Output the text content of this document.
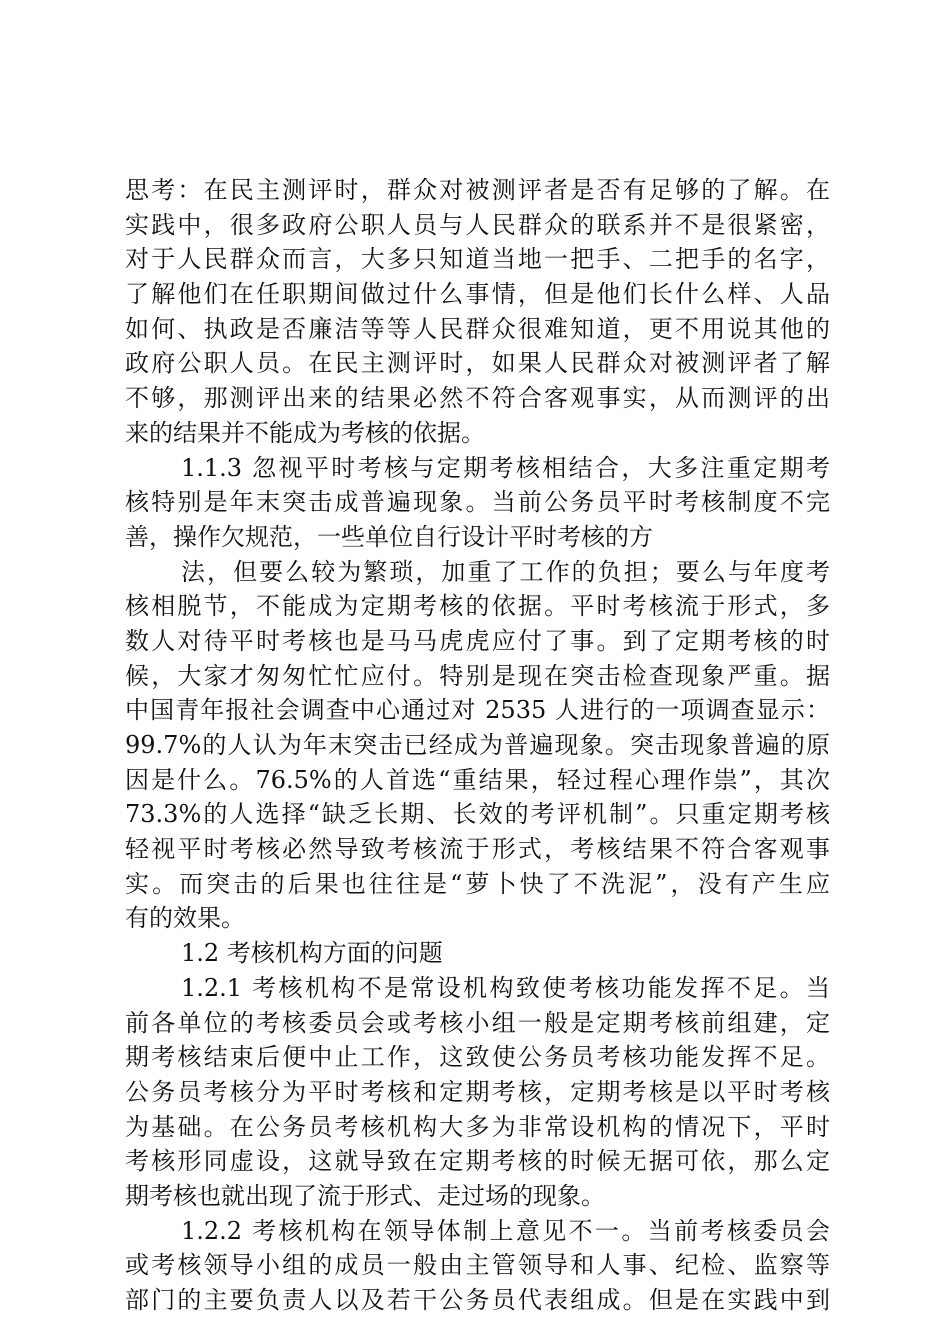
思考：在民主测评时，群众对被测评者是否有足够的了解。在
实践中，很多政府公职人员与人民群众的联系并不是很紧密，
对于人民群众而言，大多只知道当地一把手、二把手的名字，
了解他们在任职期间做过什么事情，但是他们长什么样、人品
如何、执政是否廉洁等等人民群众很难知道，更不用说其他的
政府公职人员。在民主测评时，如果人民群众对被测评者了解
不够，那测评出来的结果必然不符合客观事实，从而测评的出
来的结果并不能成为考核的依据。
1.1.3 忽视平时考核与定期考核相结合，大多注重定期考
核特别是年末突击成普遍现象。当前公务员平时考核制度不完
善，操作欠规范，一些单位自行设计平时考核的方
法，但要么较为繁琐，加重了工作的负担；要么与年度考
核相脱节，不能成为定期考核的依据。平时考核流于形式，多
数人对待平时考核也是马马虎虎应付了事。到了定期考核的时
候，大家才匆匆忙忙应付。特别是现在突击检查现象严重。据
中国青年报社会调查中心通过对 2535 人进行的一项调查显示：
99.7%的人认为年末突击已经成为普遍现象。突击现象普遍的原
因是什么。76.5%的人首选“重结果，轻过程心理作祟”，其次
73.3%的人选择“缺乏长期、长效的考评机制”。只重定期考核
轻视平时考核必然导致考核流于形式，考核结果不符合客观事
实。而突击的后果也往往是“萝卜快了不洗泥”，没有产生应
有的效果。
1.2 考核机构方面的问题
1.2.1 考核机构不是常设机构致使考核功能发挥不足。当
前各单位的考核委员会或考核小组一般是定期考核前组建，定
期考核结束后便中止工作，这致使公务员考核功能发挥不足。
公务员考核分为平时考核和定期考核，定期考核是以平时考核
为基础。在公务员考核机构大多为非常设机构的情况下，平时
考核形同虚设，这就导致在定期考核的时候无据可依，那么定
期考核也就出现了流于形式、走过场的现象。
1.2.2 考核机构在领导体制上意见不一。当前考核委员会
或考核领导小组的成员一般由主管领导和人事、纪检、监察等
部门的主要负责人以及若干公务员代表组成。但是在实践中到
